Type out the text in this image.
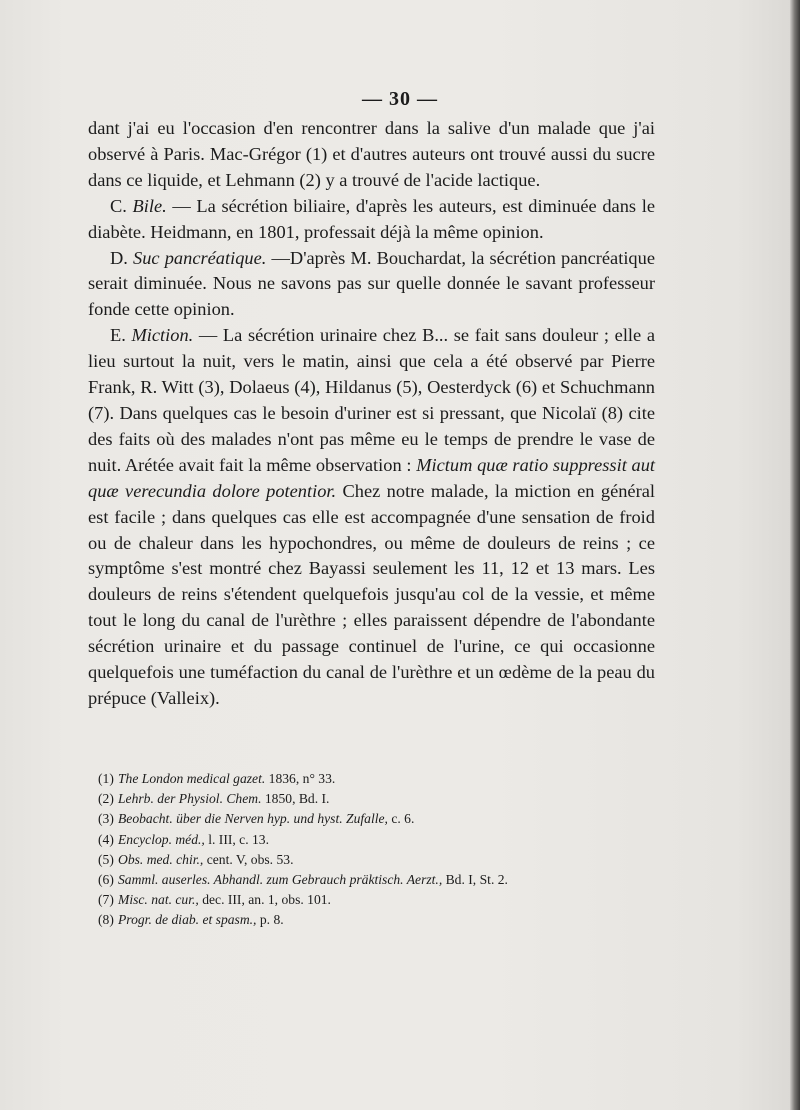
— 30 —

dant j'ai eu l'occasion d'en rencontrer dans la salive d'un malade que j'ai observé à Paris. Mac-Grégor (1) et d'autres auteurs ont trouvé aussi du sucre dans ce liquide, et Lehmann (2) y a trouvé de l'acide lactique.

C. Bile. — La sécrétion biliaire, d'après les auteurs, est diminuée dans le diabète. Heidmann, en 1801, professait déjà la même opinion.

D. Suc pancréatique. —D'après M. Bouchardat, la sécrétion pancréatique serait diminuée. Nous ne savons pas sur quelle donnée le savant professeur fonde cette opinion.

E. Miction. — La sécrétion urinaire chez B... se fait sans douleur ; elle a lieu surtout la nuit, vers le matin, ainsi que cela a été observé par Pierre Frank, R. Witt (3), Dolaeus (4), Hildanus (5), Oesterdyck (6) et Schuchmann (7). Dans quelques cas le besoin d'uriner est si pressant, que Nicolaï (8) cite des faits où des malades n'ont pas même eu le temps de prendre le vase de nuit. Arétée avait fait la même observation : Mictum quæ ratio suppressit aut quæ verecundia dolore potentior. Chez notre malade, la miction en général est facile ; dans quelques cas elle est accompagnée d'une sensation de froid ou de chaleur dans les hypochondres, ou même de douleurs de reins ; ce symptôme s'est montré chez Bayassi seulement les 11, 12 et 13 mars. Les douleurs de reins s'étendent quelquefois jusqu'au col de la vessie, et même tout le long du canal de l'urèthre ; elles paraissent dépendre de l'abondante sécrétion urinaire et du passage continuel de l'urine, ce qui occasionne quelquefois une tuméfaction du canal de l'urèthre et un œdème de la peau du prépuce (Valleix).

(1) The London medical gazet. 1836, n° 33.
(2) Lehrb. der Physiol. Chem. 1850, Bd. I.
(3) Beobacht. über die Nerven hyp. und hyst. Zufalle, c. 6.
(4) Encyclop. méd., l. III, c. 13.
(5) Obs. med. chir., cent. V, obs. 53.
(6) Samml. auserles. Abhandl. zum Gebrauch präktisch. Aerzt., Bd. I, St. 2.
(7) Misc. nat. cur., dec. III, an. 1, obs. 101.
(8) Progr. de diab. et spasm., p. 8.
